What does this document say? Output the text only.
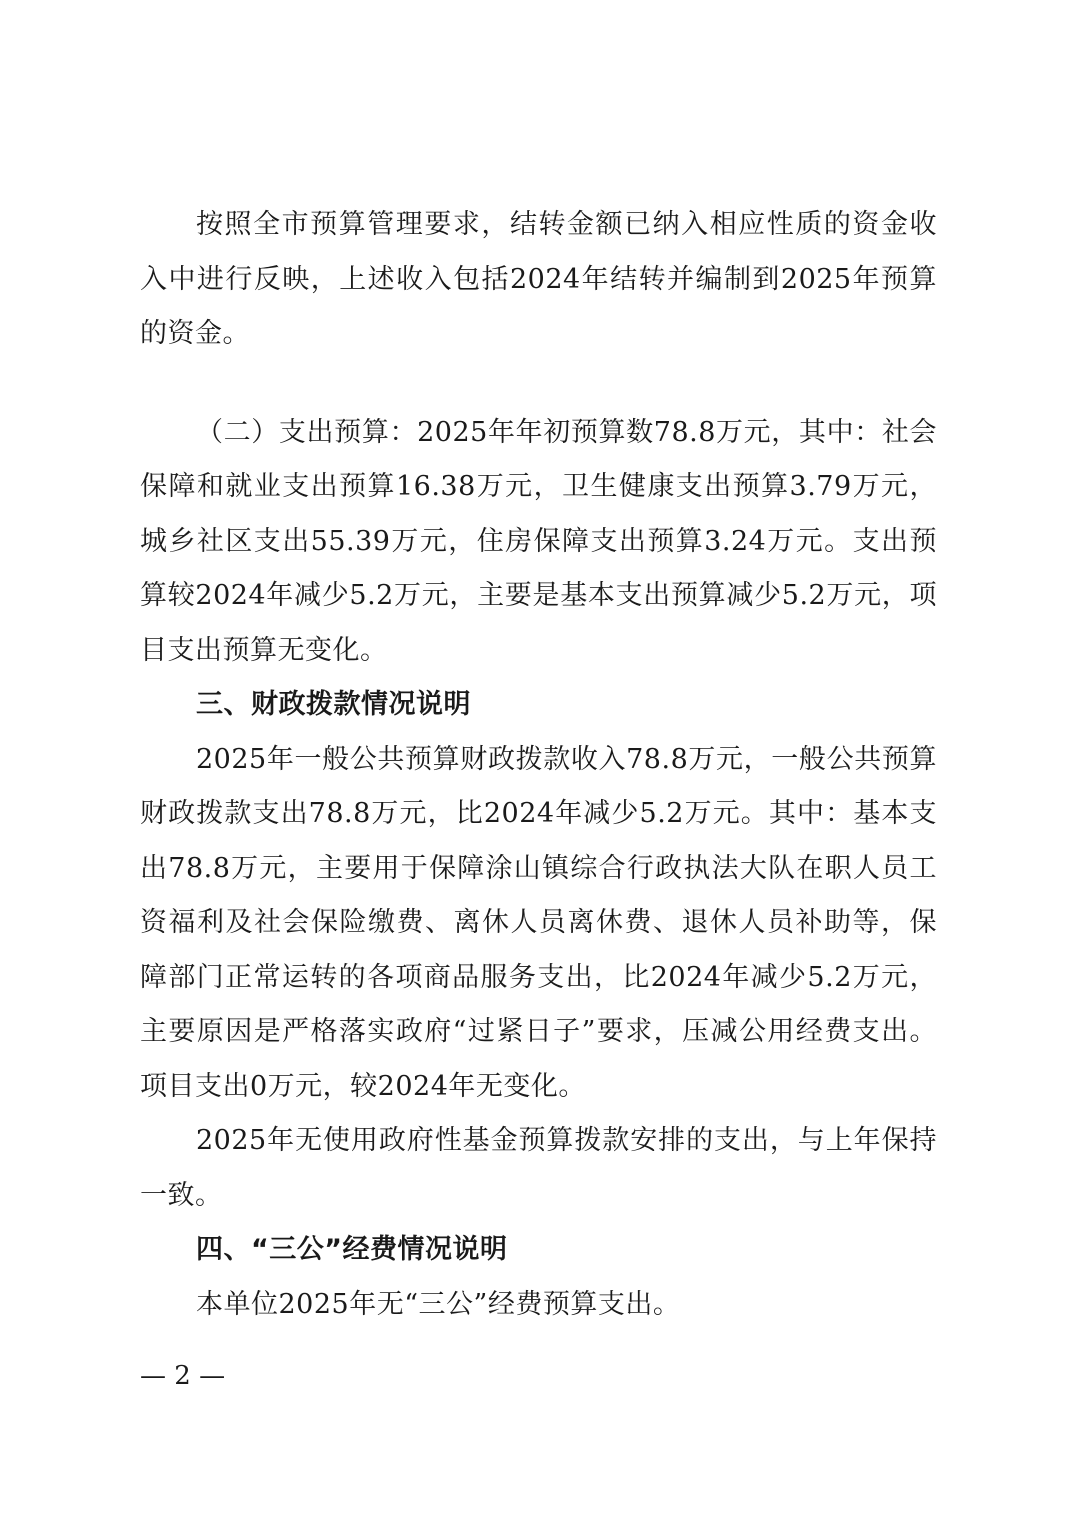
按照全市预算管理要求，结转金额已纳入相应性质的资金收入中进行反映，上述收入包括2024年结转并编制到2025年预算的资金。

（二）支出预算：2025年年初预算数78.8万元，其中：社会保障和就业支出预算16.38万元，卫生健康支出预算3.79万元，城乡社区支出55.39万元，住房保障支出预算3.24万元。支出预算较2024年减少5.2万元，主要是基本支出预算减少5.2万元，项目支出预算无变化。

三、财政拨款情况说明

2025年一般公共预算财政拨款收入78.8万元，一般公共预算财政拨款支出78.8万元，比2024年减少5.2万元。其中：基本支出78.8万元，主要用于保障涂山镇综合行政执法大队在职人员工资福利及社会保险缴费、离休人员离休费、退休人员补助等，保障部门正常运转的各项商品服务支出，比2024年减少5.2万元，主要原因是严格落实政府“过紧日子”要求，压减公用经费支出。项目支出0万元，较2024年无变化。

2025年无使用政府性基金预算拨款安排的支出，与上年保持一致。

四、“三公”经费情况说明

本单位2025年无“三公”经费预算支出。

— 2 —
